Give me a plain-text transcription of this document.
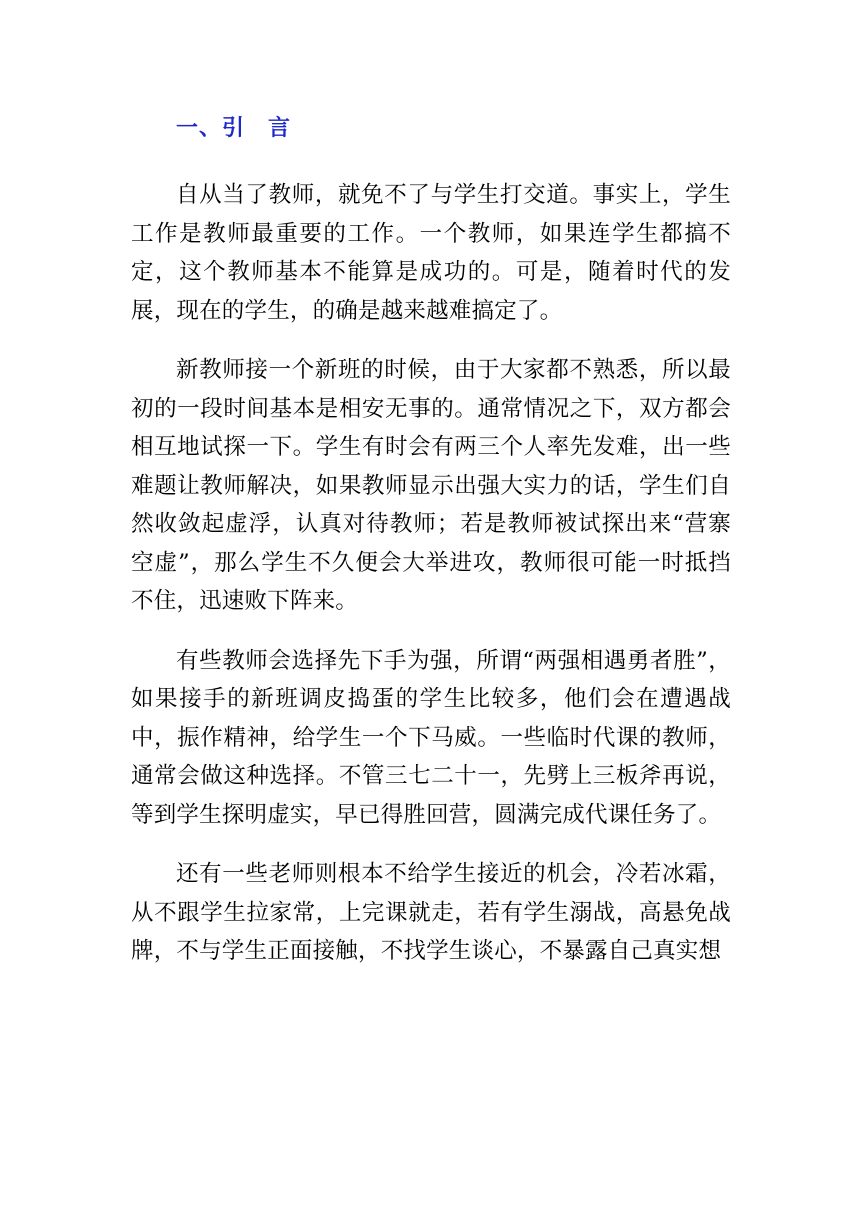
一、引　言

自从当了教师，就免不了与学生打交道。事实上，学生工作是教师最重要的工作。一个教师，如果连学生都搞不定，这个教师基本不能算是成功的。可是，随着时代的发展，现在的学生，的确是越来越难搞定了。

新教师接一个新班的时候，由于大家都不熟悉，所以最初的一段时间基本是相安无事的。通常情况之下，双方都会相互地试探一下。学生有时会有两三个人率先发难，出一些难题让教师解决，如果教师显示出强大实力的话，学生们自然收敛起虚浮，认真对待教师；若是教师被试探出来“营寨空虚”，那么学生不久便会大举进攻，教师很可能一时抵挡不住，迅速败下阵来。

有些教师会选择先下手为强，所谓“两强相遇勇者胜”，如果接手的新班调皮捣蛋的学生比较多，他们会在遭遇战中，振作精神，给学生一个下马威。一些临时代课的教师，通常会做这种选择。不管三七二十一，先劈上三板斧再说，等到学生探明虚实，早已得胜回营，圆满完成代课任务了。

还有一些老师则根本不给学生接近的机会，冷若冰霜，从不跟学生拉家常，上完课就走，若有学生溺战，高悬免战牌，不与学生正面接触，不找学生谈心，不暴露自己真实想
